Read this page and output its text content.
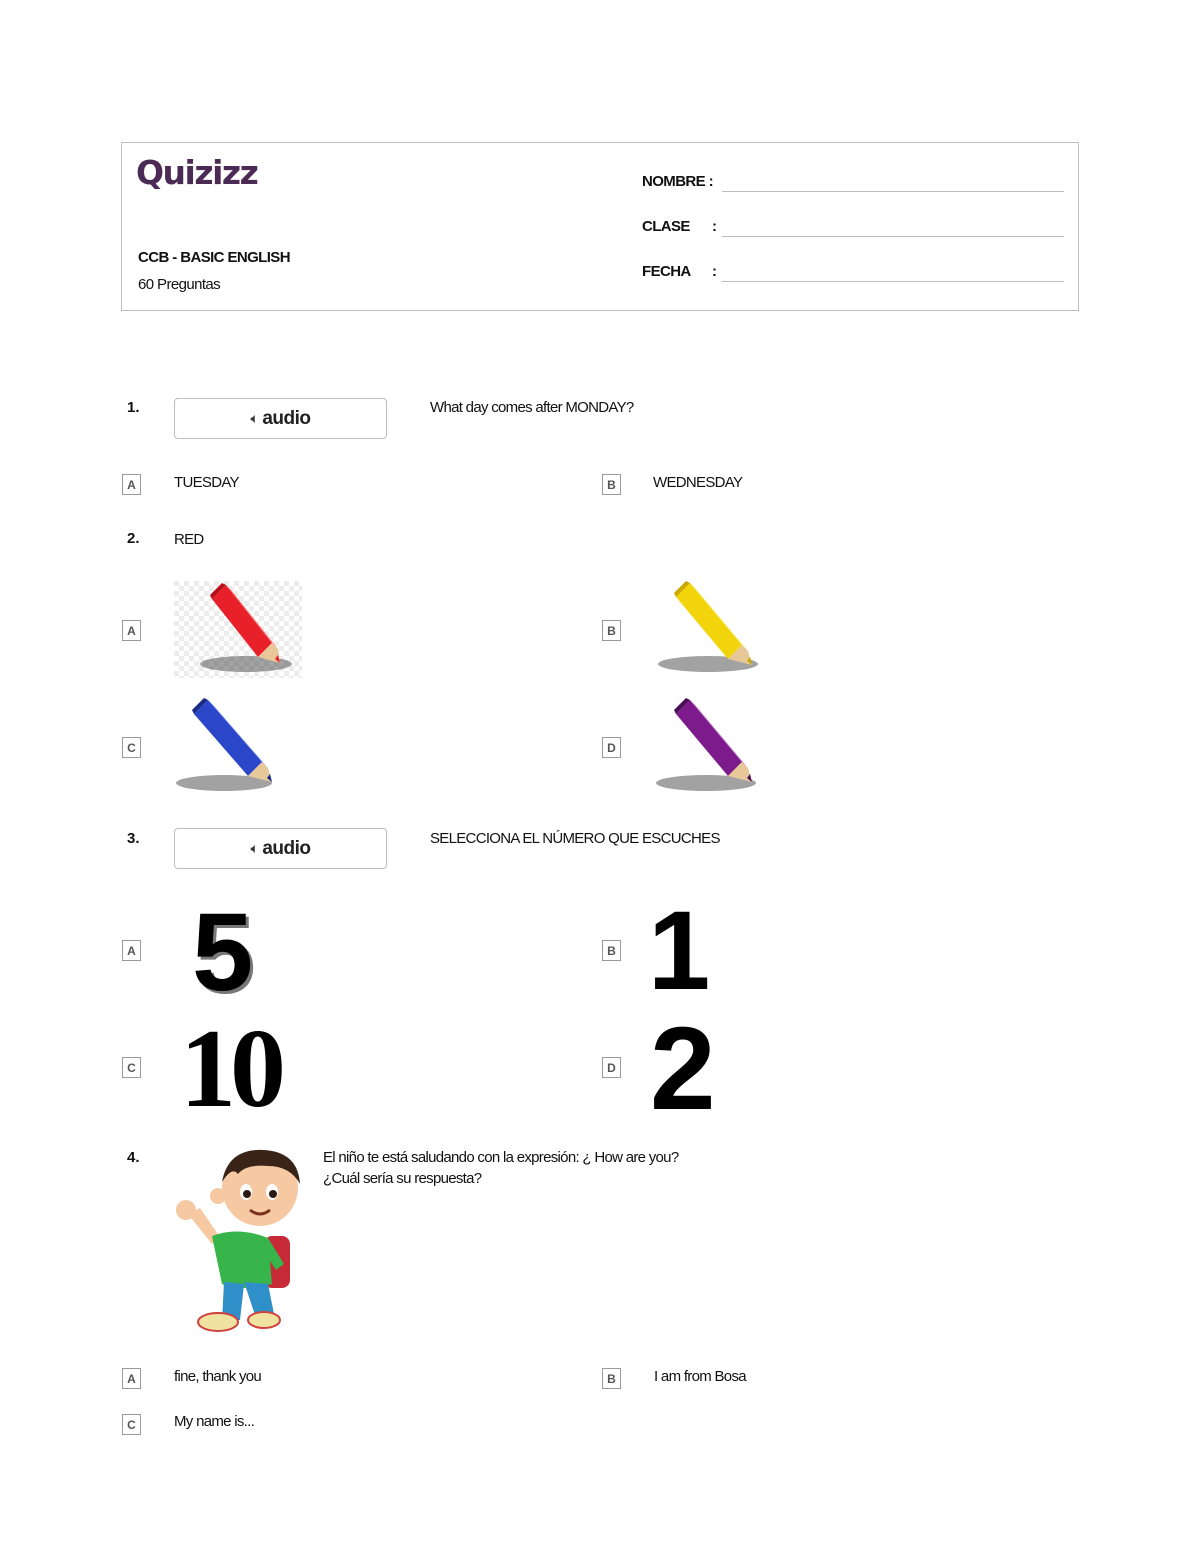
Quizizz
CCB - BASIC ENGLISH
60 Preguntas
NOMBRE :
CLASE :
FECHA :
1.
🔈︎ audio	What day comes after MONDAY?
A	TUESDAY	B	WEDNESDAY
2. RED
A	B
C	D
3.
🔈︎ audio	SELECCIONA EL NÚMERO QUE ESCUCHES
A 5	B 1
C 10	D 2
4.	El niño te está saludando con la expresión: ¿ How are you?
¿Cuál sería su respuesta?
A	fine, thank you	B	I am from Bosa
C	My name is...
